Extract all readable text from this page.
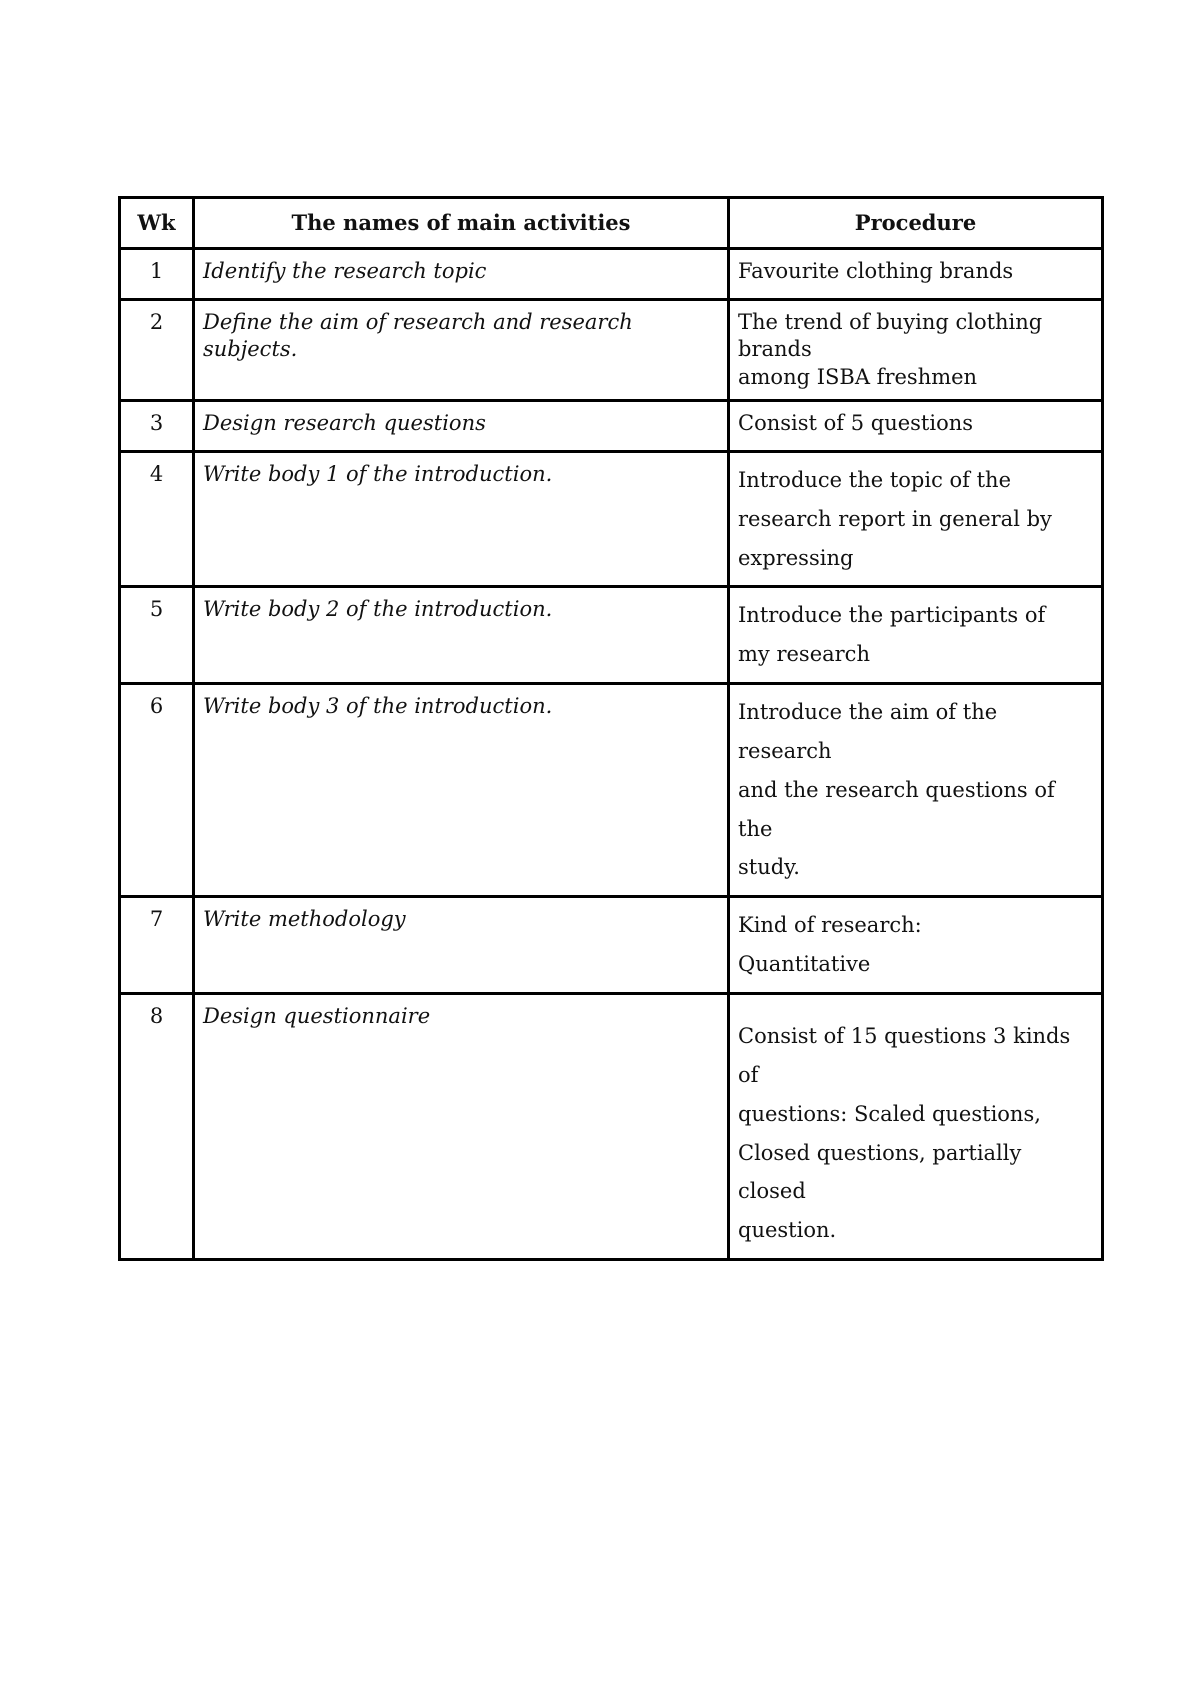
Wk	The names of main activities	Procedure
1	Identify the research topic	Favourite clothing brands
2	Define the aim of research and research subjects.	The trend of buying clothing brands
among ISBA freshmen
3	Design research questions	Consist of 5 questions
4	Write body 1 of the introduction.	Introduce the topic of the
research report in general by
expressing
5	Write body 2 of the introduction.	Introduce the participants of
my research
6	Write body 3 of the introduction.	Introduce the aim of the research
and the research questions of the
study.
7	Write methodology	Kind of research:
Quantitative
8	Design questionnaire	Consist of 15 questions 3 kinds of
questions: Scaled questions,
Closed questions, partially closed
question.
